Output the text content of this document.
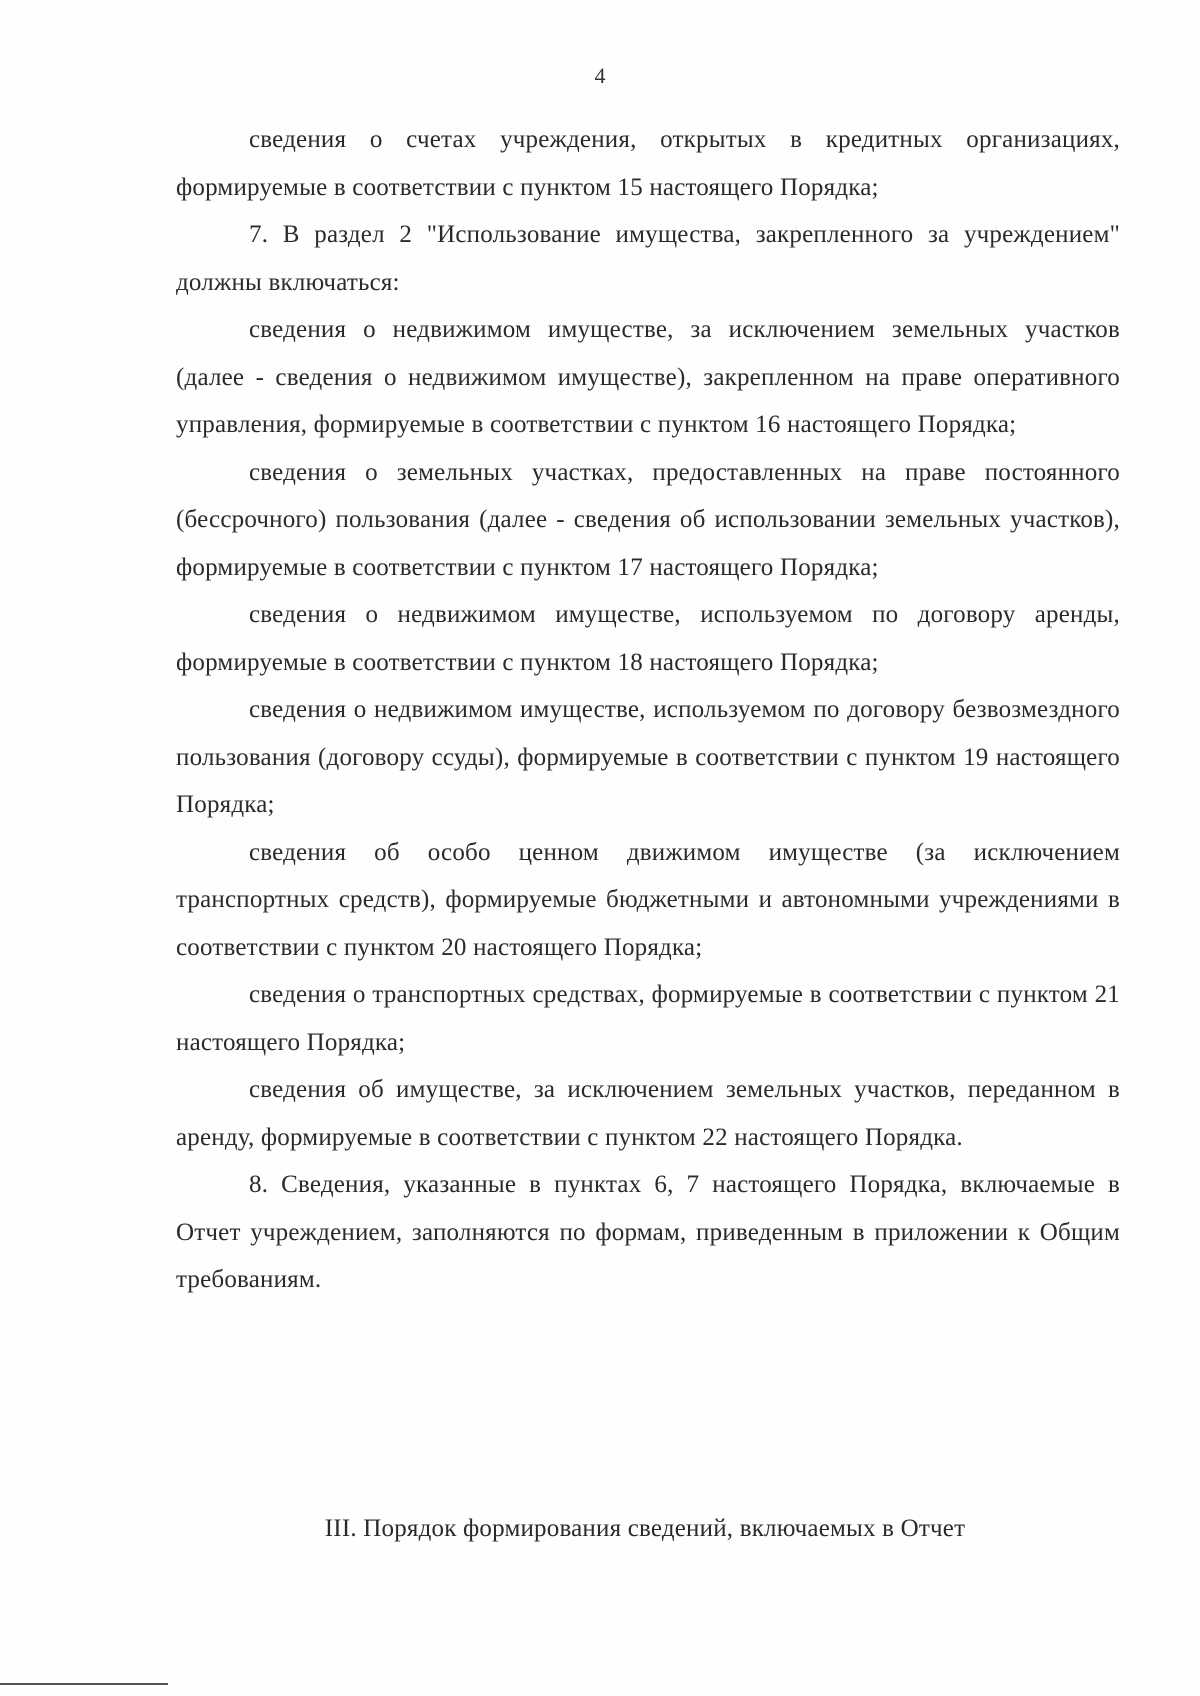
4

сведения о счетах учреждения, открытых в кредитных организациях, формируемые в соответствии с пунктом 15 настоящего Порядка;

7. В раздел 2 "Использование имущества, закрепленного за учреждением" должны включаться:

сведения о недвижимом имуществе, за исключением земельных участков (далее - сведения о недвижимом имуществе), закрепленном на праве оперативного управления, формируемые в соответствии с пунктом 16 настоящего Порядка;

сведения о земельных участках, предоставленных на праве постоянного (бессрочного) пользования (далее - сведения об использовании земельных участков), формируемые в соответствии с пунктом 17 настоящего Порядка;

сведения о недвижимом имуществе, используемом по договору аренды, формируемые в соответствии с пунктом 18 настоящего Порядка;

сведения о недвижимом имуществе, используемом по договору безвозмездного пользования (договору ссуды), формируемые в соответствии с пунктом 19 настоящего Порядка;

сведения об особо ценном движимом имуществе (за исключением транспортных средств), формируемые бюджетными и автономными учреждениями в соответствии с пунктом 20 настоящего Порядка;

сведения о транспортных средствах, формируемые в соответствии с пунктом 21 настоящего Порядка;

сведения об имуществе, за исключением земельных участков, переданном в аренду, формируемые в соответствии с пунктом 22 настоящего Порядка.

8. Сведения, указанные в пунктах 6, 7 настоящего Порядка, включаемые в Отчет учреждением, заполняются по формам, приведенным в приложении к Общим требованиям.

III. Порядок формирования сведений, включаемых в Отчет
